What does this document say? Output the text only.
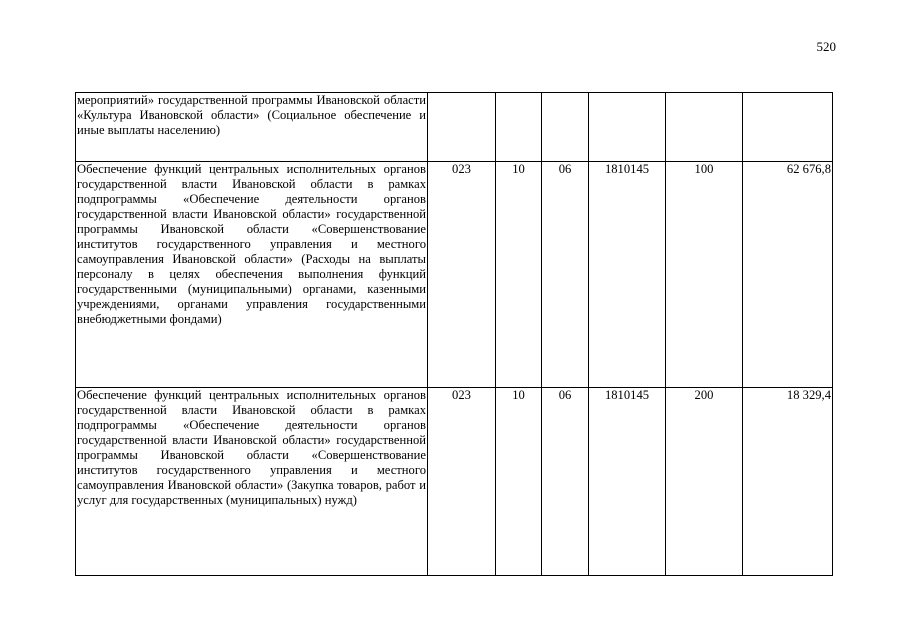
520
мероприятий» государственной программы Ивановской области «Культура Ивановской области» (Социальное обеспечение и иные выплаты населению)						
Обеспечение функций центральных исполнительных органов государственной власти Ивановской области в рамках подпрограммы «Обеспечение деятельности органов государственной власти Ивановской области» государственной программы Ивановской области «Совершенствование институтов государственного управления и местного самоуправления Ивановской области» (Расходы на выплаты персоналу в целях обеспечения выполнения функций государственными (муниципальными) органами, казенными учреждениями, органами управления государственными внебюджетными фондами)	023	10	06	1810145	100	62 676,8
Обеспечение функций центральных исполнительных органов государственной власти Ивановской области в рамках подпрограммы «Обеспечение деятельности органов государственной власти Ивановской области» государственной программы Ивановской области «Совершенствование институтов государственного управления и местного самоуправления Ивановской области» (Закупка товаров, работ и услуг для государственных (муниципальных) нужд)	023	10	06	1810145	200	18 329,4
